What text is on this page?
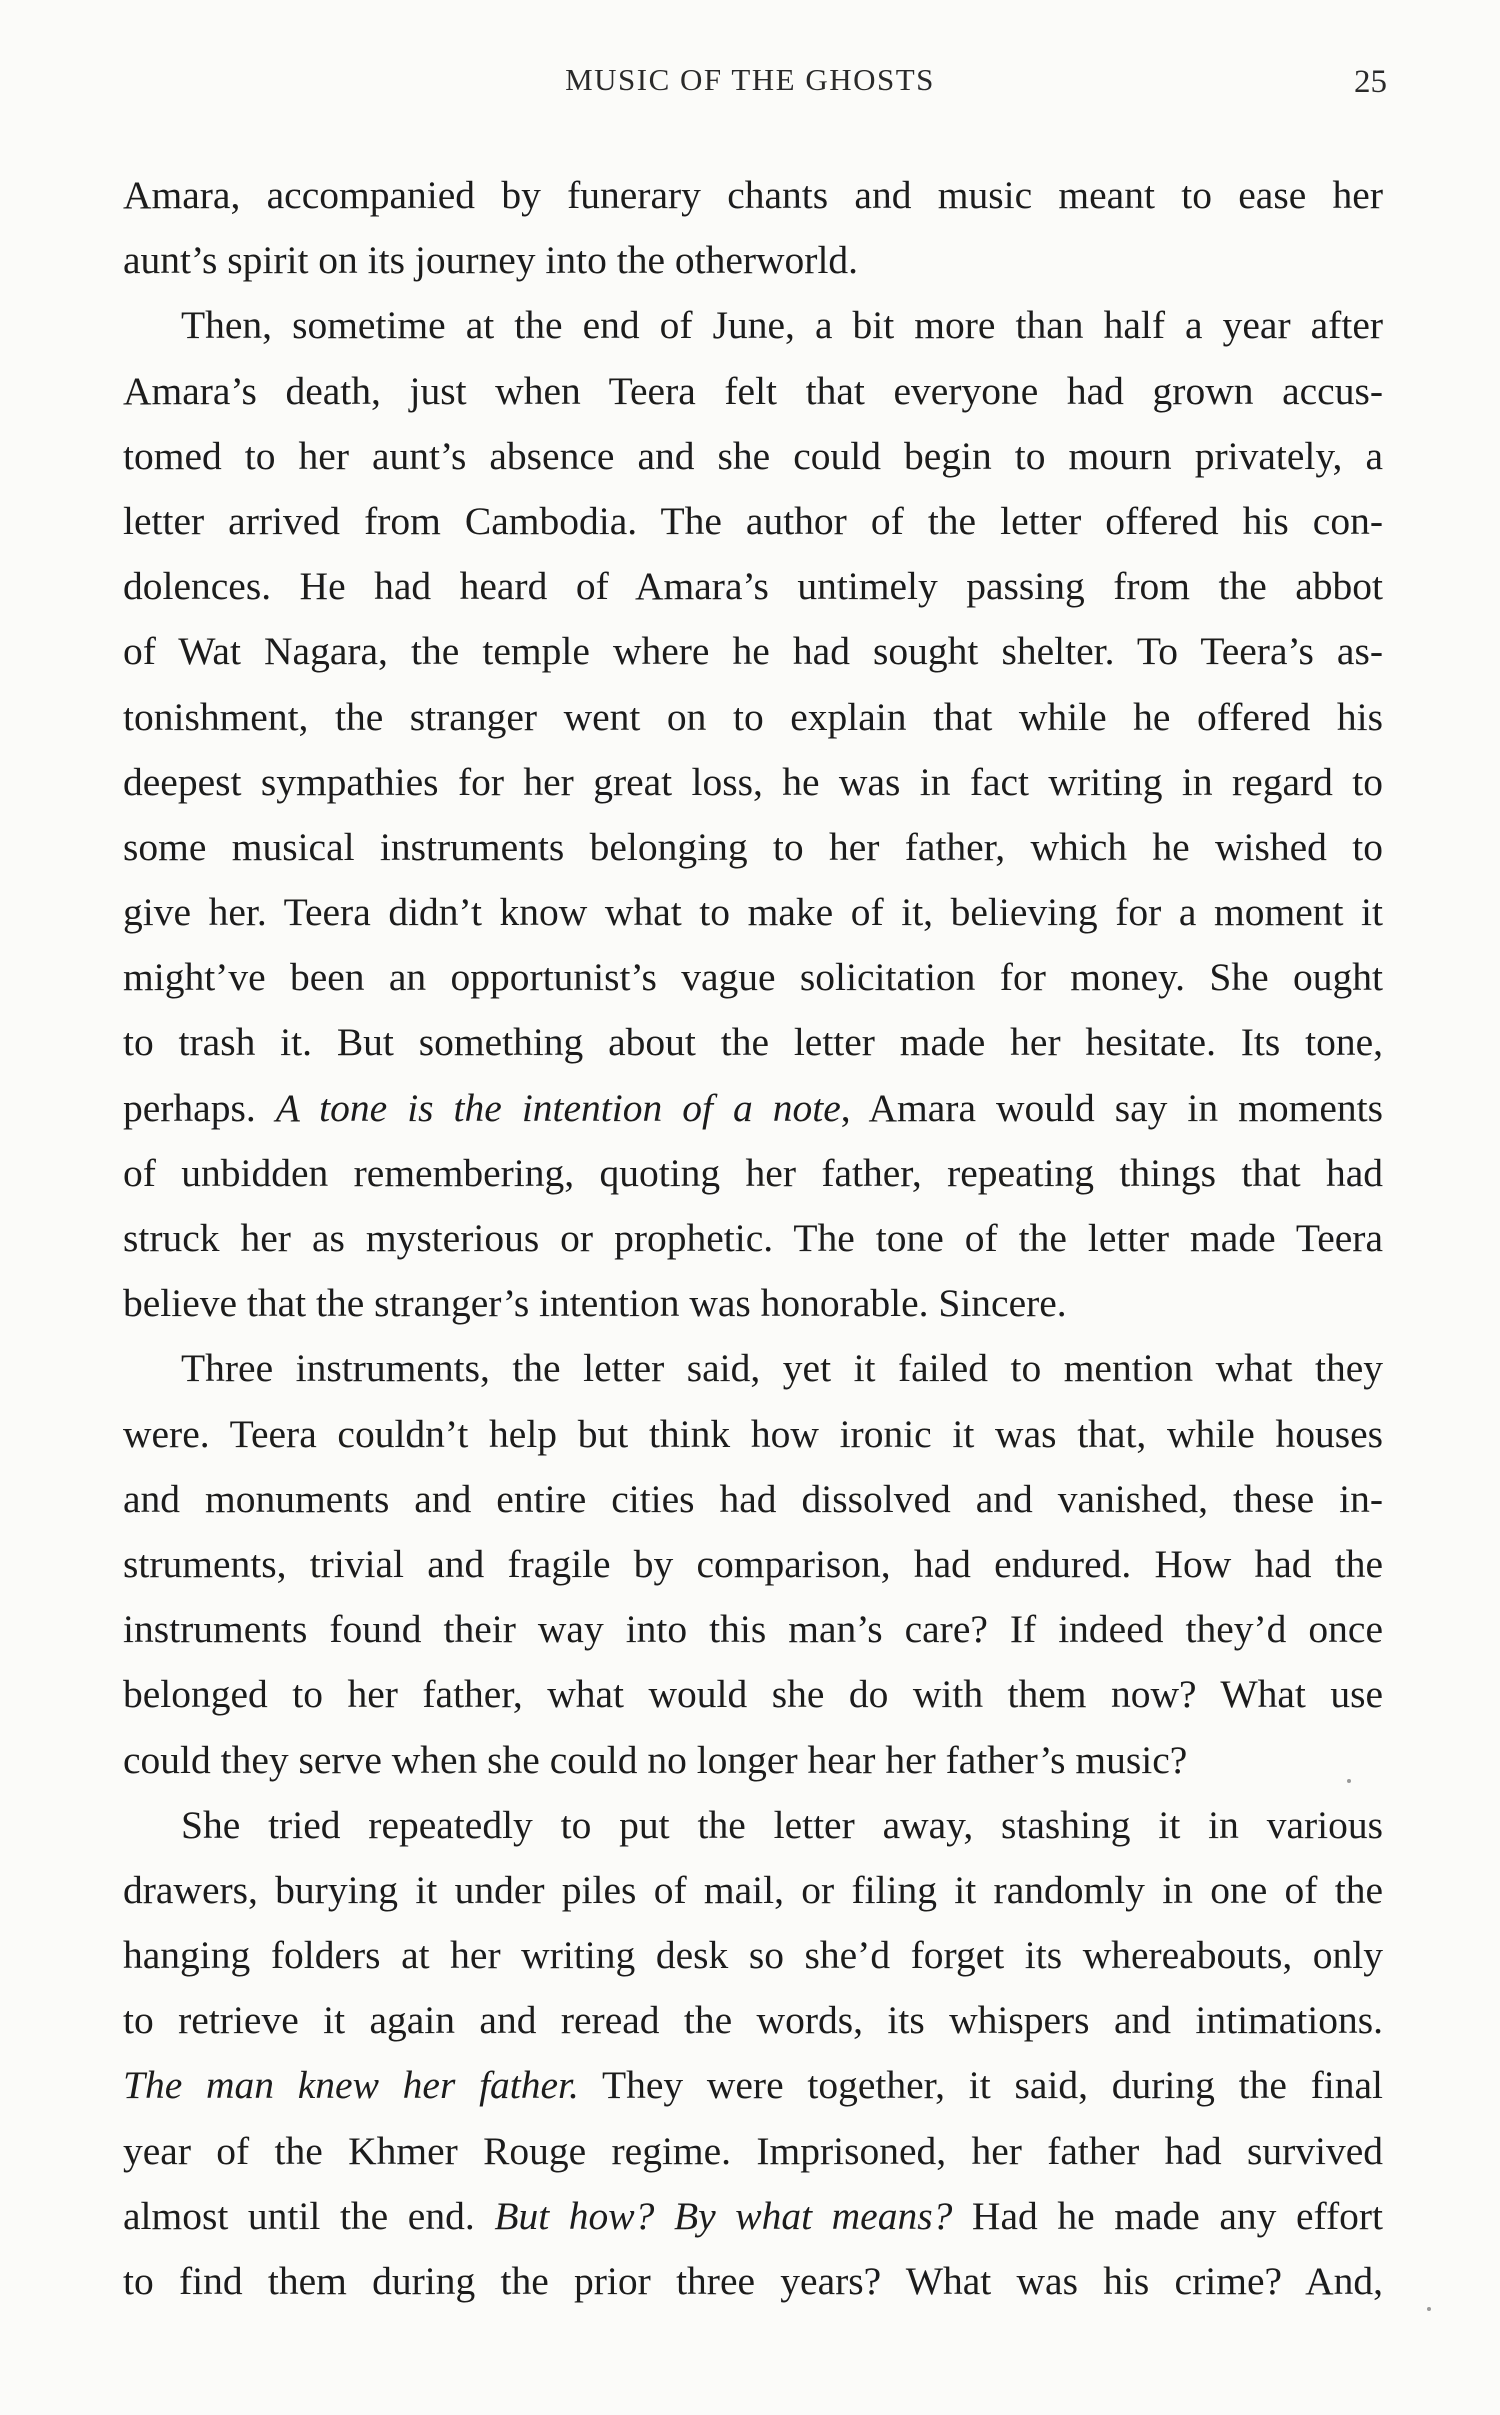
MUSIC OF THE GHOSTS	25
Amara, accompanied by funerary chants and music meant to ease her
aunt’s spirit on its journey into the otherworld.
Then, sometime at the end of June, a bit more than half a year after
Amara’s death, just when Teera felt that everyone had grown accus-
tomed to her aunt’s absence and she could begin to mourn privately, a
letter arrived from Cambodia. The author of the letter offered his con-
dolences. He had heard of Amara’s untimely passing from the abbot
of Wat Nagara, the temple where he had sought shelter. To Teera’s as-
tonishment, the stranger went on to explain that while he offered his
deepest sympathies for her great loss, he was in fact writing in regard to
some musical instruments belonging to her father, which he wished to
give her. Teera didn’t know what to make of it, believing for a moment it
might’ve been an opportunist’s vague solicitation for money. She ought
to trash it. But something about the letter made her hesitate. Its tone,
perhaps. A tone is the intention of a note, Amara would say in moments
of unbidden remembering, quoting her father, repeating things that had
struck her as mysterious or prophetic. The tone of the letter made Teera
believe that the stranger’s intention was honorable. Sincere.
Three instruments, the letter said, yet it failed to mention what they
were. Teera couldn’t help but think how ironic it was that, while houses
and monuments and entire cities had dissolved and vanished, these in-
struments, trivial and fragile by comparison, had endured. How had the
instruments found their way into this man’s care? If indeed they’d once
belonged to her father, what would she do with them now? What use
could they serve when she could no longer hear her father’s music?
She tried repeatedly to put the letter away, stashing it in various
drawers, burying it under piles of mail, or filing it randomly in one of the
hanging folders at her writing desk so she’d forget its whereabouts, only
to retrieve it again and reread the words, its whispers and intimations.
The man knew her father. They were together, it said, during the final
year of the Khmer Rouge regime. Imprisoned, her father had survived
almost until the end. But how? By what means? Had he made any effort
to find them during the prior three years? What was his crime? And,
